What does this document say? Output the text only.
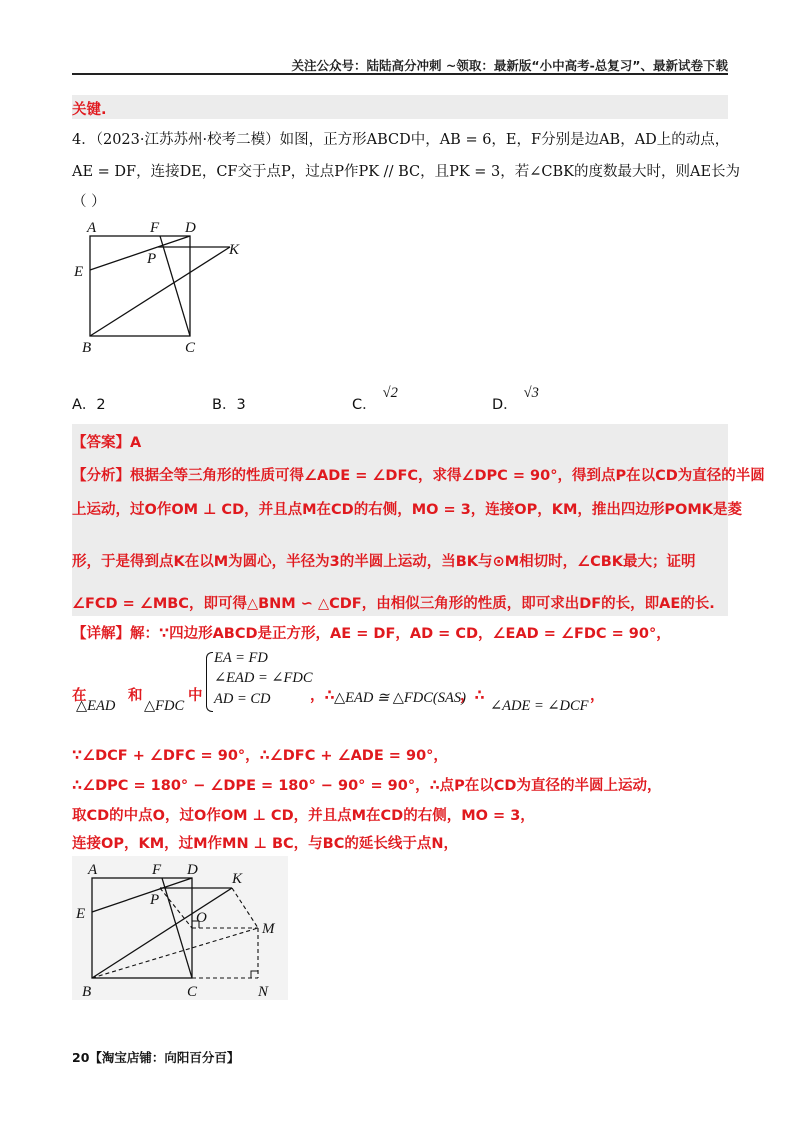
关注公众号：陆陆高分冲刺 ~领取：最新版“小中高考-总复习”、最新试卷下载
关键.
4．（2023·江苏苏州·校考二模）如图，正方形ABCD中，AB = 6，E，F分别是边AB，AD上的动点，
AE = DF，连接DE，CF交于点P，过点P作PK // BC，且PK = 3，若∠CBK的度数最大时，则AE长为
（ ）
A	F D
K
P
E
B	C
A．2	B．3	C．√2
D．√3
【答案】A
【分析】根据全等三角形的性质可得∠ADE = ∠DFC，求得∠DPC = 90°，得到点P在以CD为直径的半圆
上运动，过O作OM ⊥ CD，并且点M在CD的右侧，MO = 3，连接OP，KM，推出四边形POMK是菱
形，于是得到点K在以M为圆心，半径为3的半圆上运动，当BK与⊙M相切时，∠CBK最大；证明
∠FCD = ∠MBC，即可得△BNM ∽ △CDF，由相似三角形的性质，即可求出DF的长，即AE的长.
【详解】解：∵四边形ABCD是正方形，AE = DF，AD = CD，∠EAD = ∠FDC = 90°，
在
△EAD
和
△FDC
中
EA = FD
∠EAD = ∠FDC
AD = CD	，∴ △EAD ≅ △FDC(SAS)
，∴
∠ADE = ∠DCF
，
∵∠DCF + ∠DFC = 90°，∴∠DFC + ∠ADE = 90°，
∴∠DPC = 180° − ∠DPE = 180° − 90° = 90°，∴点P在以CD为直径的半圆上运动，
取CD的中点O，过O作OM ⊥ CD，并且点M在CD的右侧，MO = 3，
连接OP，KM，过M作MN ⊥ BC，与BC的延长线于点N，
A	F D
K
P
O
M
E
B	C	N
20【淘宝店铺：向阳百分百】
